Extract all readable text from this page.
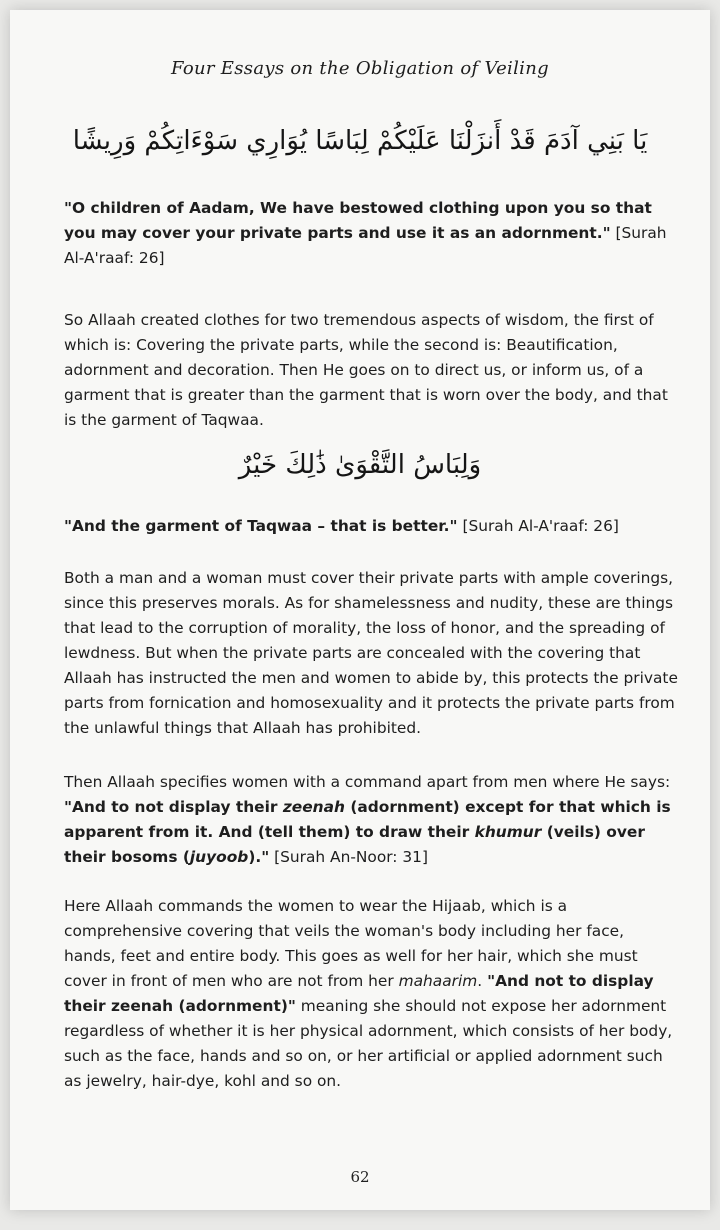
Four Essays on the Obligation of Veiling
يَا بَنِي آدَمَ قَدْ أَنزَلْنَا عَلَيْكُمْ لِبَاسًا يُوَارِي سَوْءَاتِكُمْ وَرِيشًا
"O children of Aadam, We have bestowed clothing upon you so that you may cover your private parts and use it as an adornment." [Surah Al-A'raaf: 26]
So Allaah created clothes for two tremendous aspects of wisdom, the first of which is: Covering the private parts, while the second is: Beautification, adornment and decoration. Then He goes on to direct us, or inform us, of a garment that is greater than the garment that is worn over the body, and that is the garment of Taqwaa.
وَلِبَاسُ التَّقْوَىٰ ذَٰلِكَ خَيْرٌ
"And the garment of Taqwaa – that is better." [Surah Al-A'raaf: 26]
Both a man and a woman must cover their private parts with ample coverings, since this preserves morals. As for shamelessness and nudity, these are things that lead to the corruption of morality, the loss of honor, and the spreading of lewdness. But when the private parts are concealed with the covering that Allaah has instructed the men and women to abide by, this protects the private parts from fornication and homosexuality and it protects the private parts from the unlawful things that Allaah has prohibited.
Then Allaah specifies women with a command apart from men where He says: "And to not display their zeenah (adornment) except for that which is apparent from it. And (tell them) to draw their khumur (veils) over their bosoms (juyoob)." [Surah An-Noor: 31]
Here Allaah commands the women to wear the Hijaab, which is a comprehensive covering that veils the woman's body including her face, hands, feet and entire body. This goes as well for her hair, which she must cover in front of men who are not from her mahaarim. "And not to display their zeenah (adornment)" meaning she should not expose her adornment regardless of whether it is her physical adornment, which consists of her body, such as the face, hands and so on, or her artificial or applied adornment such as jewelry, hair-dye, kohl and so on.
62
